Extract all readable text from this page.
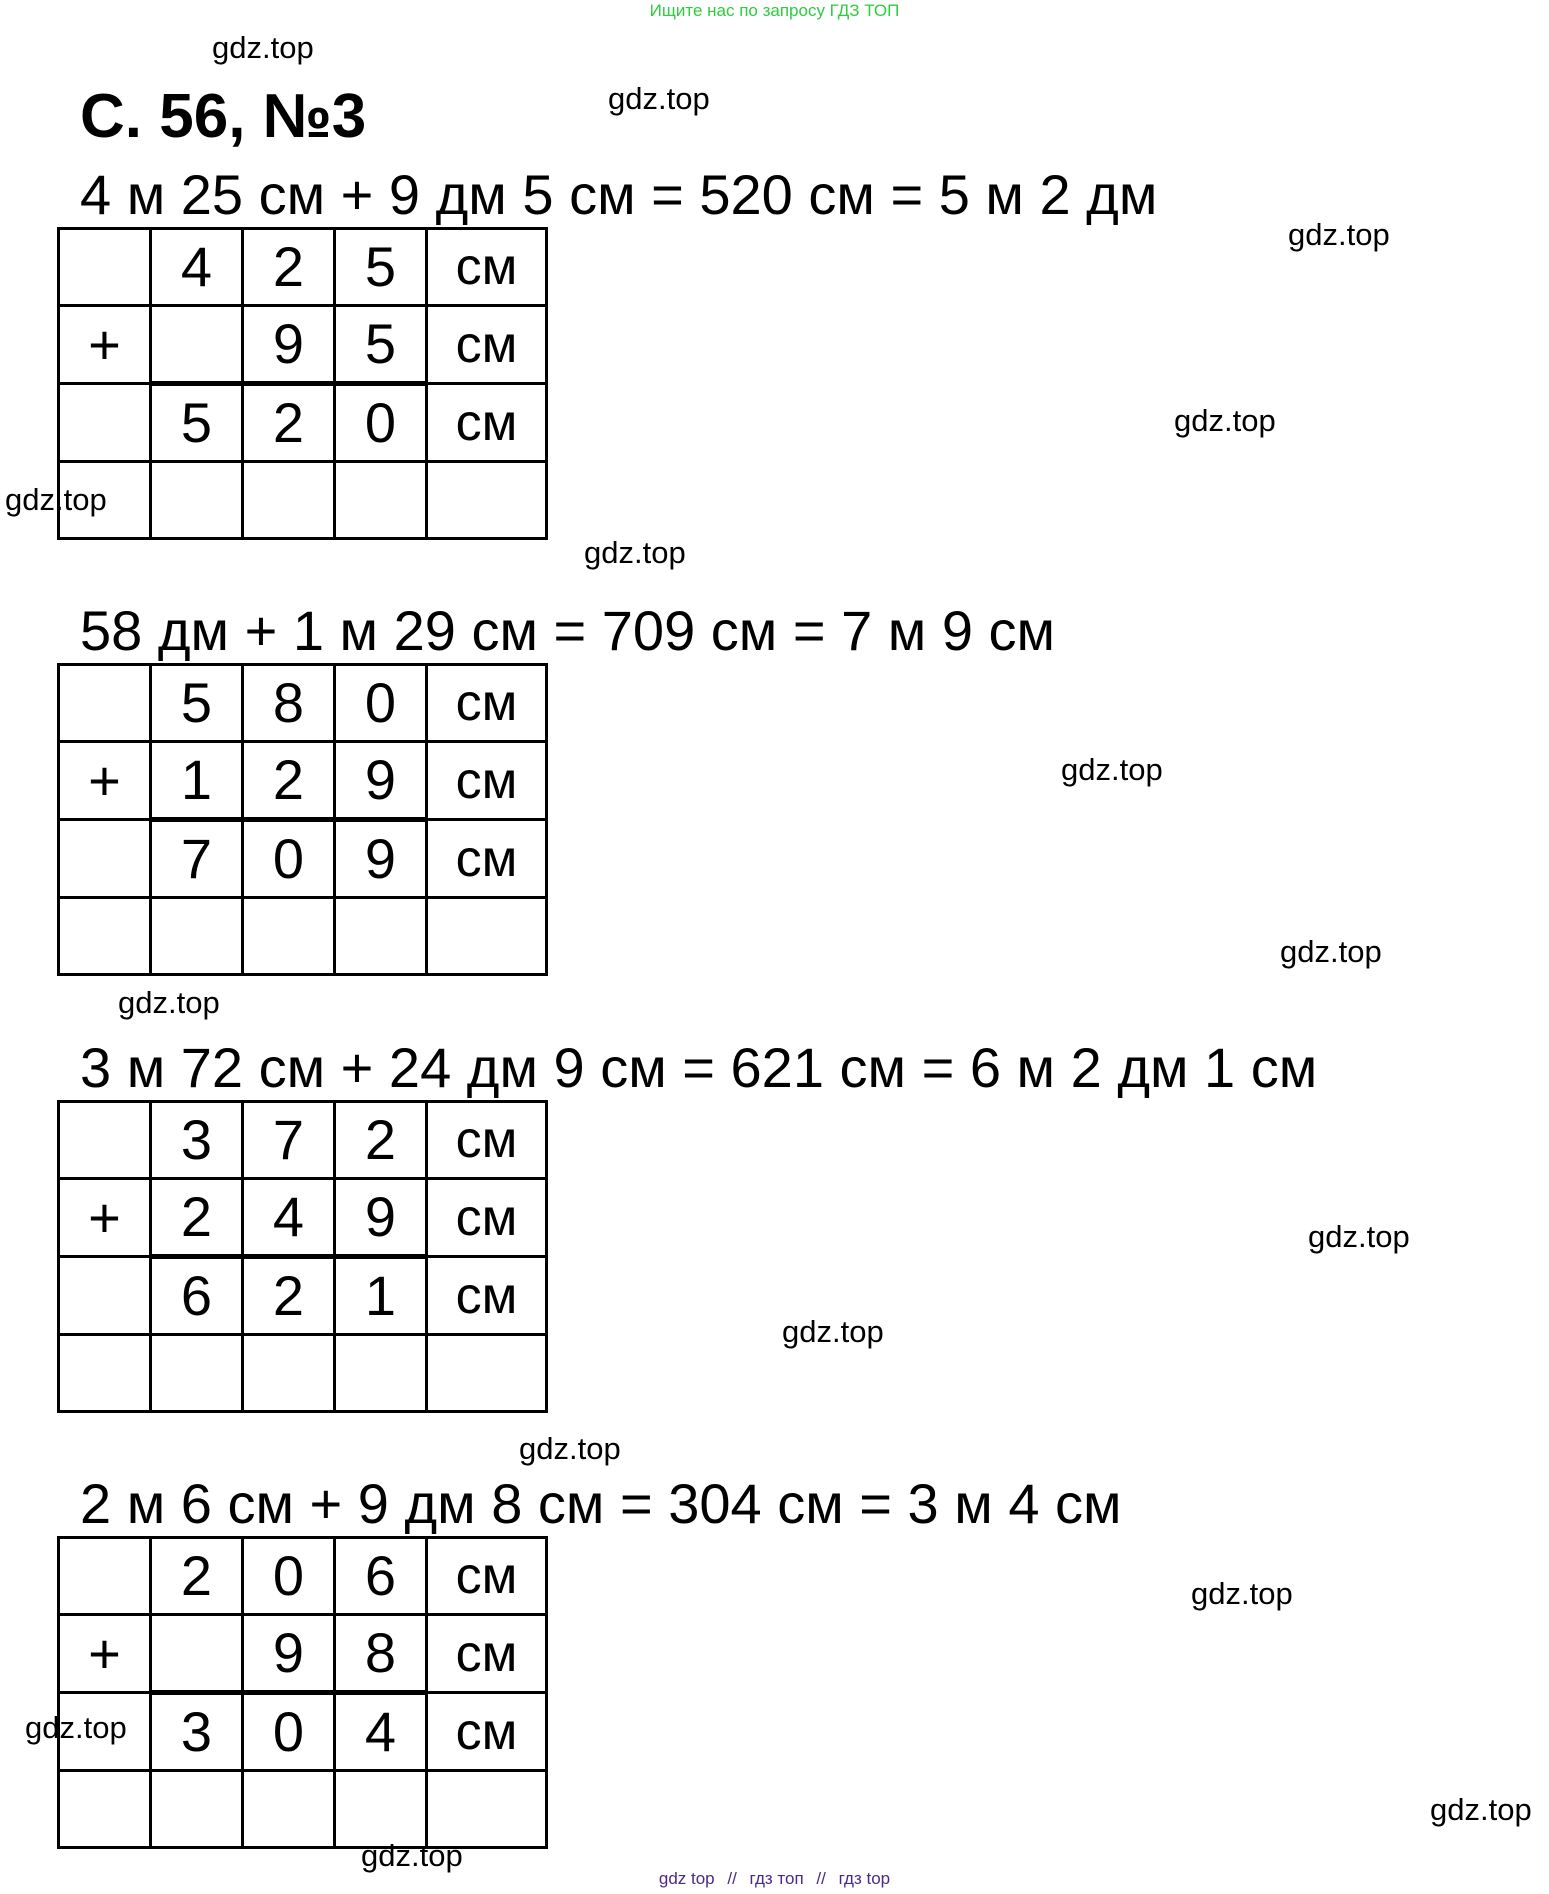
Ищите нас по запросу ГДЗ ТОП
gdz.top
gdz.top
gdz.top
gdz.top
gdz.top
gdz.top
gdz.top
gdz.top
gdz.top
gdz.top
gdz.top
gdz.top
gdz.top
gdz.top
gdz.top
gdz.top
С. 56, №3
4 м 25 см + 9 дм 5 см = 520 см = 5 м 2 дм
	4	2	5	см
+		9	5	см
	5	2	0	см

58 дм + 1 м 29 см = 709 см = 7 м 9 см
	5	8	0	см
+	1	2	9	см
	7	0	9	см

3 м 72 см + 24 дм 9 см = 621 см = 6 м 2 дм 1 см
	3	7	2	см
+	2	4	9	см
	6	2	1	см

2 м 6 см + 9 дм 8 см = 304 см = 3 м 4 см
	2	0	6	см
+		9	8	см
	3	0	4	см

gdz top // гдз топ // гдз top
